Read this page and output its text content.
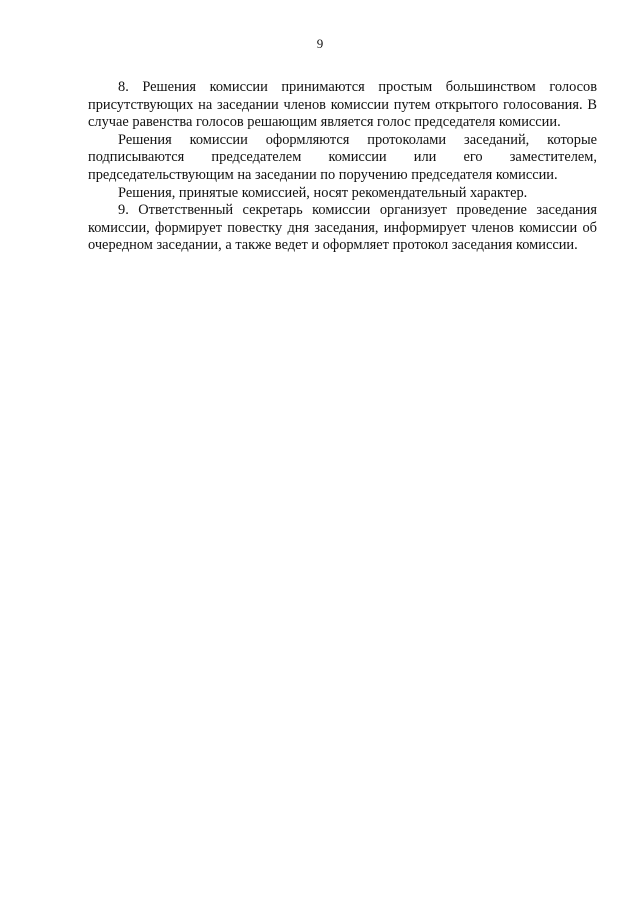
9

8. Решения комиссии принимаются простым большинством голосов присутствующих на заседании членов комиссии путем открытого голосования. В случае равенства голосов решающим является голос председателя комиссии.

Решения комиссии оформляются протоколами заседаний, которые подписываются председателем комиссии или его заместителем, председательствующим на заседании по поручению председателя комиссии.

Решения, принятые комиссией, носят рекомендательный характер.

9. Ответственный секретарь комиссии организует проведение заседания комиссии, формирует повестку дня заседания, информирует членов комиссии об очередном заседании, а также ведет и оформляет протокол заседания комиссии.
